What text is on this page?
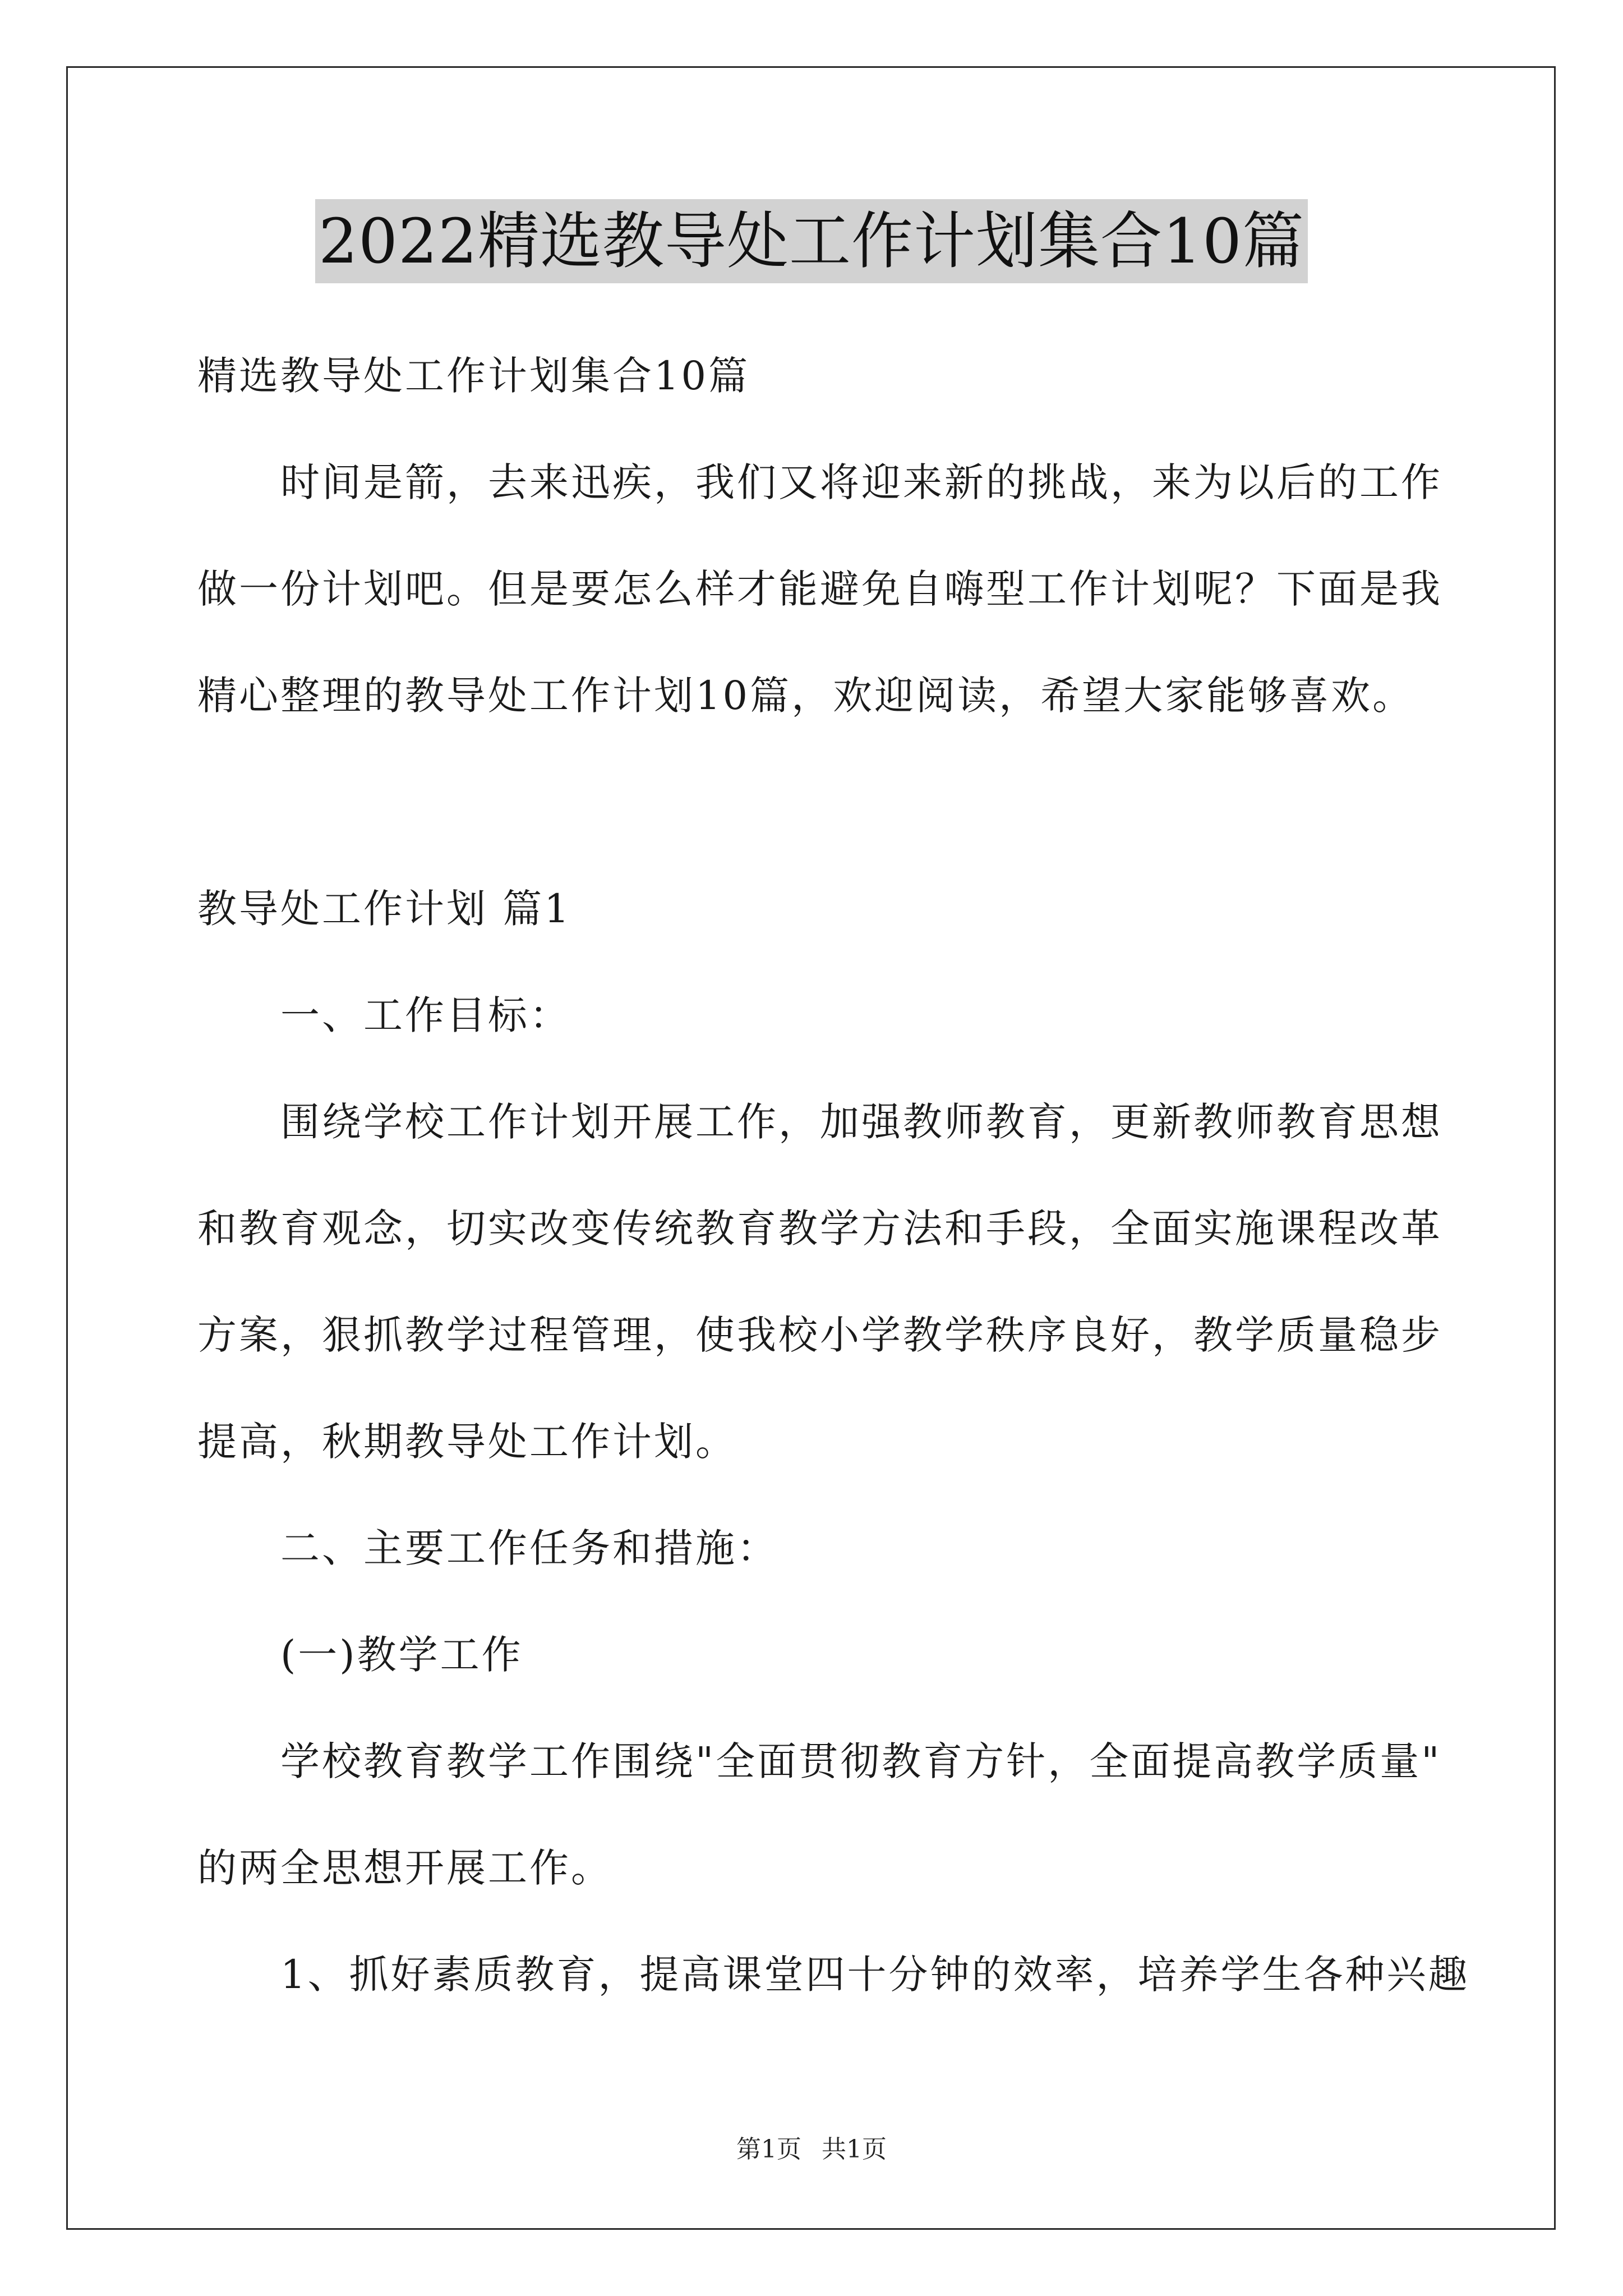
2022精选教导处工作计划集合10篇
精选教导处工作计划集合10篇
时间是箭，去来迅疾，我们又将迎来新的挑战，来为以后的工作
做一份计划吧。但是要怎么样才能避免自嗨型工作计划呢？下面是我
精心整理的教导处工作计划10篇，欢迎阅读，希望大家能够喜欢。
教导处工作计划 篇1
一、工作目标：
围绕学校工作计划开展工作，加强教师教育，更新教师教育思想
和教育观念，切实改变传统教育教学方法和手段，全面实施课程改革
方案，狠抓教学过程管理，使我校小学教学秩序良好，教学质量稳步
提高，秋期教导处工作计划。
二、主要工作任务和措施：
(一)教学工作
学校教育教学工作围绕"全面贯彻教育方针，全面提高教学质量"
的两全思想开展工作。
1、抓好素质教育，提高课堂四十分钟的效率，培养学生各种兴趣
第1页 共1页
